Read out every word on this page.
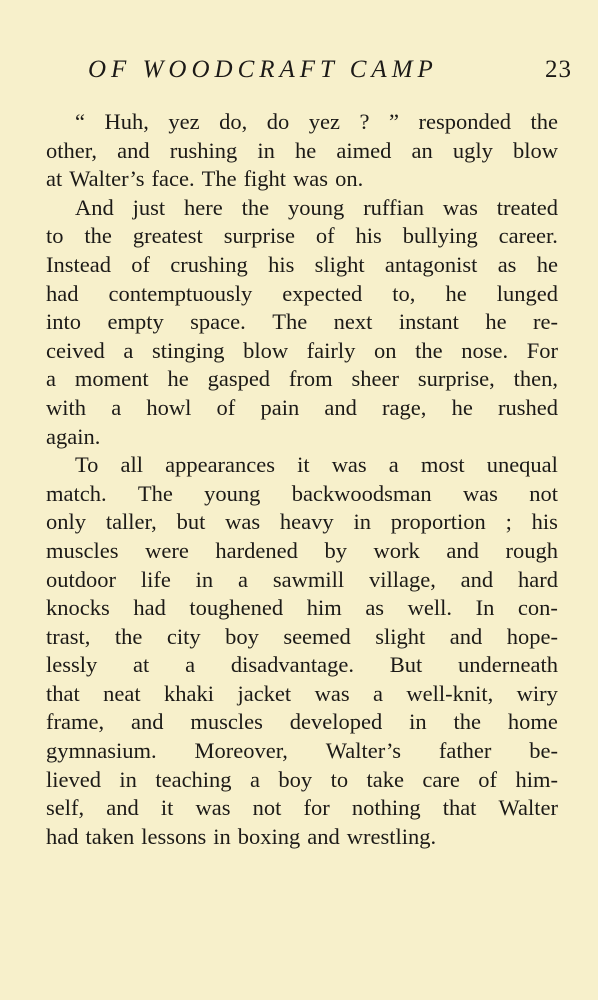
OF WOODCRAFT CAMP	23
“ Huh, yez do, do yez ? ” responded the
other, and rushing in he aimed an ugly blow
at Walter’s face. The fight was on.
And just here the young ruffian was treated
to the greatest surprise of his bullying career.
Instead of crushing his slight antagonist as he
had contemptuously expected to, he lunged
into empty space. The next instant he re-
ceived a stinging blow fairly on the nose. For
a moment he gasped from sheer surprise, then,
with a howl of pain and rage, he rushed
again.
To all appearances it was a most unequal
match. The young backwoodsman was not
only taller, but was heavy in proportion ; his
muscles were hardened by work and rough
outdoor life in a sawmill village, and hard
knocks had toughened him as well. In con-
trast, the city boy seemed slight and hope-
lessly at a disadvantage. But underneath
that neat khaki jacket was a well-knit, wiry
frame, and muscles developed in the home
gymnasium. Moreover, Walter’s father be-
lieved in teaching a boy to take care of him-
self, and it was not for nothing that Walter
had taken lessons in boxing and wrestling.
